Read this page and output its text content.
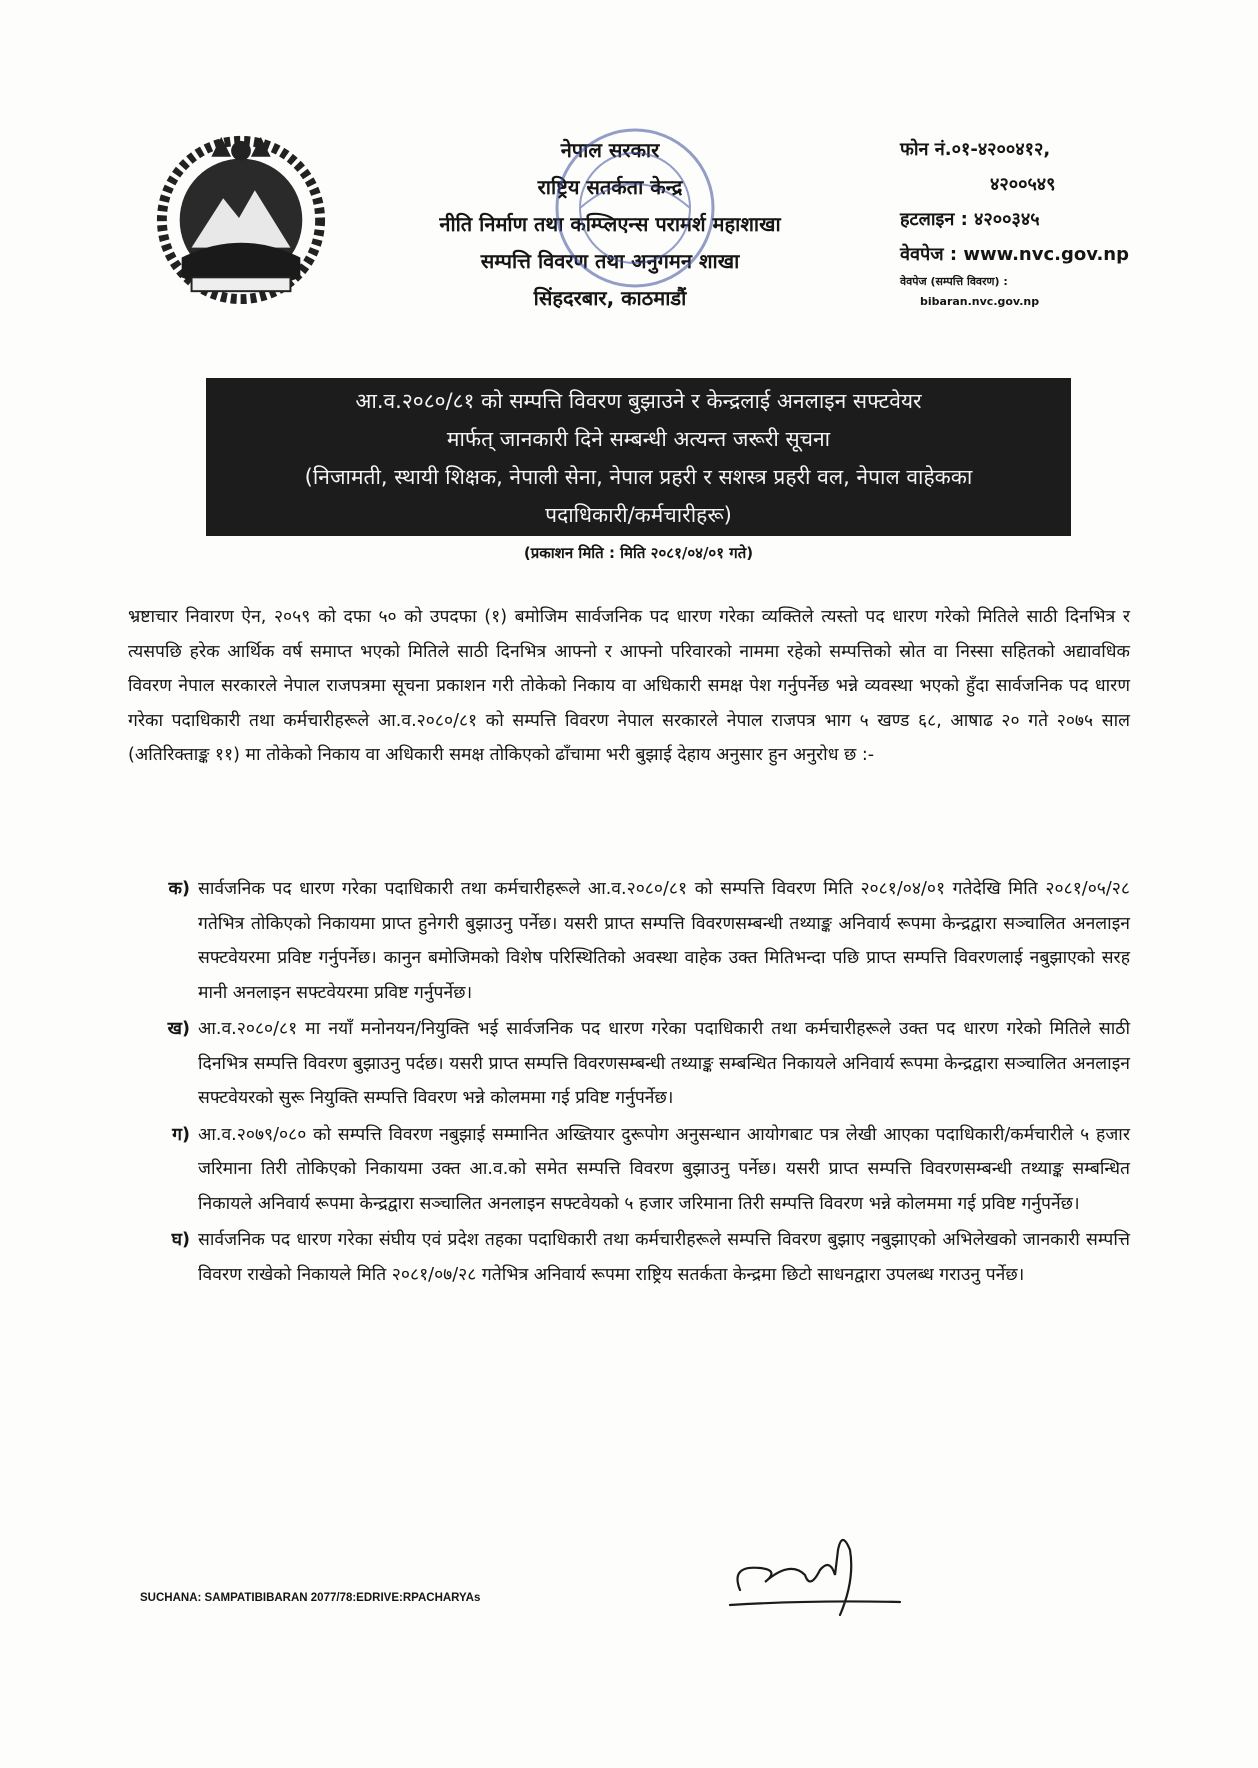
नेपाल सरकार
राष्ट्रिय सतर्कता केन्द्र
नीति निर्माण तथा कम्प्लिएन्स परामर्श महाशाखा
सम्पत्ति विवरण तथा अनुगमन शाखा
सिंहदरबार, काठमाडौं
फोन नं.०१-४२००४१२,
४२००५४९
हटलाइन : ४२००३४५
वेवपेज : www.nvc.gov.np
वेवपेज (सम्पत्ति विवरण) :
bibaran.nvc.gov.np
आ.व.२०८०/८१ को सम्पत्ति विवरण बुझाउने र केन्द्रलाई अनलाइन सफ्टवेयर
मार्फत् जानकारी दिने सम्बन्धी अत्यन्त जरूरी सूचना
(निजामती, स्थायी शिक्षक, नेपाली सेना, नेपाल प्रहरी र सशस्त्र प्रहरी वल, नेपाल वाहेकका
पदाधिकारी/कर्मचारीहरू)
(प्रकाशन मिति : मिति २०८१/०४/०१ गते)
भ्रष्टाचार निवारण ऐन, २०५९ को दफा ५० को उपदफा (१) बमोजिम सार्वजनिक पद धारण गरेका व्यक्तिले त्यस्तो पद धारण गरेको मितिले साठी दिनभित्र र त्यसपछि हरेक आर्थिक वर्ष समाप्त भएको मितिले साठी दिनभित्र आफ्नो र आफ्नो परिवारको नाममा रहेको सम्पत्तिको स्रोत वा निस्सा सहितको अद्यावधिक विवरण नेपाल सरकारले नेपाल राजपत्रमा सूचना प्रकाशन गरी तोकेको निकाय वा अधिकारी समक्ष पेश गर्नुपर्नेछ भन्ने व्यवस्था भएको हुँदा सार्वजनिक पद धारण गरेका पदाधिकारी तथा कर्मचारीहरूले आ.व.२०८०/८१ को सम्पत्ति विवरण नेपाल सरकारले नेपाल राजपत्र भाग ५ खण्ड ६८, आषाढ २० गते २०७५ साल (अतिरिक्ताङ्क ११) मा तोकेको निकाय वा अधिकारी समक्ष तोकिएको ढाँचामा भरी बुझाई देहाय अनुसार हुन अनुरोध छ :-
क) सार्वजनिक पद धारण गरेका पदाधिकारी तथा कर्मचारीहरूले आ.व.२०८०/८१ को सम्पत्ति विवरण मिति २०८१/०४/०१ गतेदेखि मिति २०८१/०५/२८ गतेभित्र तोकिएको निकायमा प्राप्त हुनेगरी बुझाउनु पर्नेछ। यसरी प्राप्त सम्पत्ति विवरणसम्बन्धी तथ्याङ्क अनिवार्य रूपमा केन्द्रद्वारा सञ्चालित अनलाइन सफ्टवेयरमा प्रविष्ट गर्नुपर्नेछ। कानुन बमोजिमको विशेष परिस्थितिको अवस्था वाहेक उक्त मितिभन्दा पछि प्राप्त सम्पत्ति विवरणलाई नबुझाएको सरह मानी अनलाइन सफ्टवेयरमा प्रविष्ट गर्नुपर्नेछ।
ख) आ.व.२०८०/८१ मा नयाँ मनोनयन/नियुक्ति भई सार्वजनिक पद धारण गरेका पदाधिकारी तथा कर्मचारीहरूले उक्त पद धारण गरेको मितिले साठी दिनभित्र सम्पत्ति विवरण बुझाउनु पर्दछ। यसरी प्राप्त सम्पत्ति विवरणसम्बन्धी तथ्याङ्क सम्बन्धित निकायले अनिवार्य रूपमा केन्द्रद्वारा सञ्चालित अनलाइन सफ्टवेयरको सुरू नियुक्ति सम्पत्ति विवरण भन्ने कोलममा गई प्रविष्ट गर्नुपर्नेछ।
ग) आ.व.२०७९/०८० को सम्पत्ति विवरण नबुझाई सम्मानित अख्तियार दुरूपोग अनुसन्धान आयोगबाट पत्र लेखी आएका पदाधिकारी/कर्मचारीले ५ हजार जरिमाना तिरी तोकिएको निकायमा उक्त आ.व.को समेत सम्पत्ति विवरण बुझाउनु पर्नेछ। यसरी प्राप्त सम्पत्ति विवरणसम्बन्धी तथ्याङ्क सम्बन्धित निकायले अनिवार्य रूपमा केन्द्रद्वारा सञ्चालित अनलाइन सफ्टवेयको ५ हजार जरिमाना तिरी सम्पत्ति विवरण भन्ने कोलममा गई प्रविष्ट गर्नुपर्नेछ।
घ) सार्वजनिक पद धारण गरेका संघीय एवं प्रदेश तहका पदाधिकारी तथा कर्मचारीहरूले सम्पत्ति विवरण बुझाए नबुझाएको अभिलेखको जानकारी सम्पत्ति विवरण राखेको निकायले मिति २०८१/०७/२८ गतेभित्र अनिवार्य रूपमा राष्ट्रिय सतर्कता केन्द्रमा छिटो साधनद्वारा उपलब्ध गराउनु पर्नेछ।
SUCHANA: SAMPATIBIBARAN 2077/78:EDRIVE:RPACHARYAs
